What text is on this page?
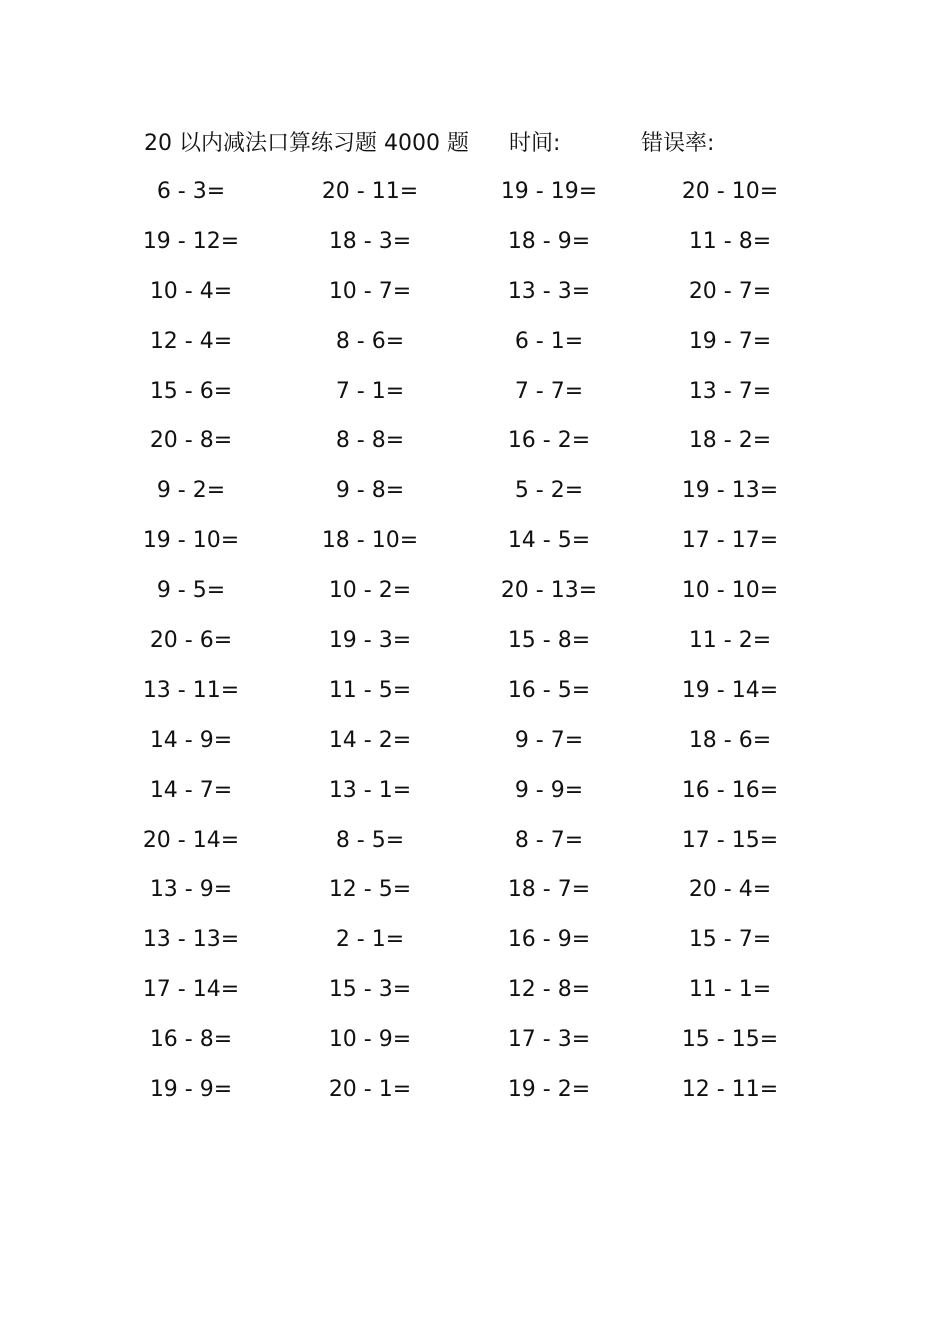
20 以内减法口算练习题 4000 题 时间:	错误率:
6 - 3=	20 - 11=	19 - 19=	20 - 10=
19 - 12=	18 - 3=	18 - 9=	11 - 8=
10 - 4=	10 - 7=	13 - 3=	20 - 7=
12 - 4=	8 - 6=	6 - 1=	19 - 7=
15 - 6=	7 - 1=	7 - 7=	13 - 7=
20 - 8=	8 - 8=	16 - 2=	18 - 2=
9 - 2=	9 - 8=	5 - 2=	19 - 13=
19 - 10=	18 - 10=	14 - 5=	17 - 17=
9 - 5=	10 - 2=	20 - 13=	10 - 10=
20 - 6=	19 - 3=	15 - 8=	11 - 2=
13 - 11=	11 - 5=	16 - 5=	19 - 14=
14 - 9=	14 - 2=	9 - 7=	18 - 6=
14 - 7=	13 - 1=	9 - 9=	16 - 16=
20 - 14=	8 - 5=	8 - 7=	17 - 15=
13 - 9=	12 - 5=	18 - 7=	20 - 4=
13 - 13=	2 - 1=	16 - 9=	15 - 7=
17 - 14=	15 - 3=	12 - 8=	11 - 1=
16 - 8=	10 - 9=	17 - 3=	15 - 15=
19 - 9=	20 - 1=	19 - 2=	12 - 11=
